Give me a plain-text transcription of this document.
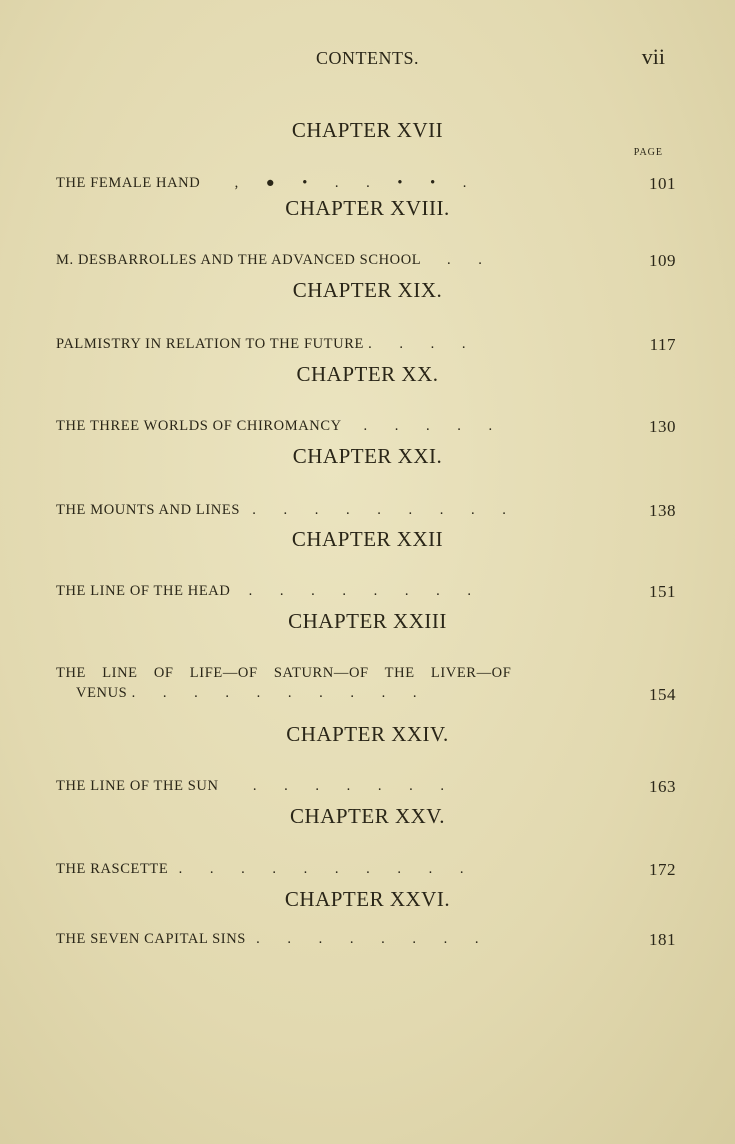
CONTENTS.	vii
PAGE
CHAPTER XVII
THE FEMALE HAND , ● • . . • • .	101
CHAPTER XVIII.
M. DESBARROLLES AND THE ADVANCED SCHOOL . .	109
CHAPTER XIX.
PALMISTRY IN RELATION TO THE FUTURE . . . .	117
CHAPTER XX.
THE THREE WORLDS OF CHIROMANCY . . . . .	130
CHAPTER XXI.
THE MOUNTS AND LINES . . . . . . . . .	138
CHAPTER XXII
THE LINE OF THE HEAD . . . . . . . .	151
CHAPTER XXIII
THE LINE OF LIFE—OF SATURN—OF THE LIVER—OF
VENUS . . . . . . . . . .	154
CHAPTER XXIV.
THE LINE OF THE SUN . . . . . . .	163
CHAPTER XXV.
THE RASCETTE . . . . . . . . . .	172
CHAPTER XXVI.
THE SEVEN CAPITAL SINS . . . . . . . .	181
